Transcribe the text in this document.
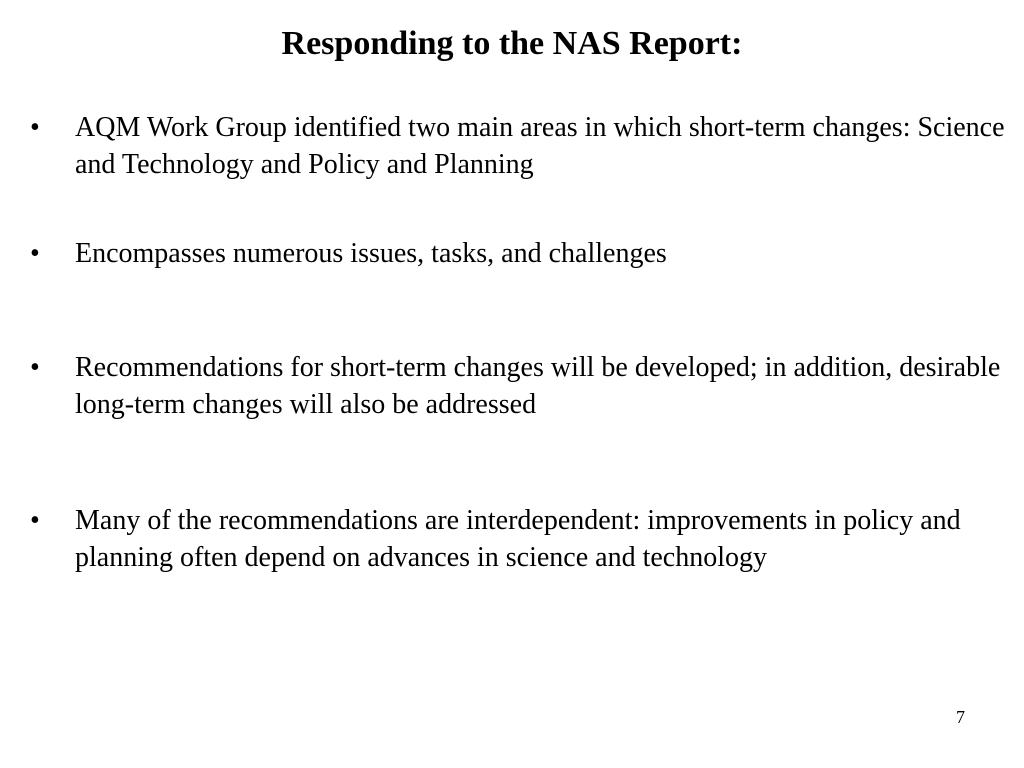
Responding to the NAS Report:
• AQM Work Group identified two main areas in which short-term changes: Science and Technology and Policy and Planning
• Encompasses numerous issues, tasks, and challenges
• Recommendations for short-term changes will be developed; in addition, desirable long-term changes will also be addressed
• Many of the recommendations are interdependent: improvements in policy and planning often depend on advances in science and technology
7
